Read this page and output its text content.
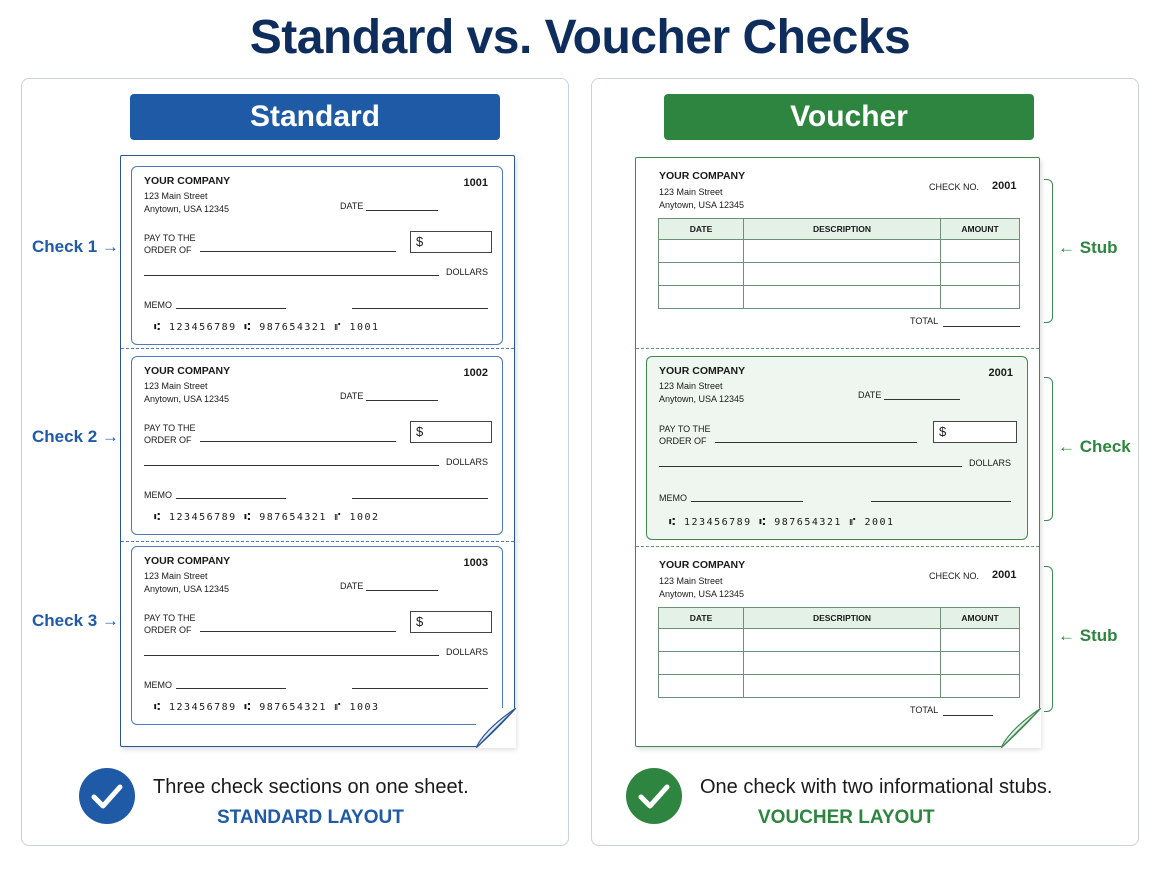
Standard vs. Voucher Checks
Standard
YOUR COMPANY
123 Main Street
Anytown, USA 12345
1001
DATE
PAY TO THE
ORDER OF
$
DOLLARS
MEMO
⑆ 123456789 ⑆ 987654321 ⑈ 1001
YOUR COMPANY
123 Main Street
Anytown, USA 12345
1002
DATE
PAY TO THE
ORDER OF
$
DOLLARS
MEMO
⑆ 123456789 ⑆ 987654321 ⑈ 1002
YOUR COMPANY
123 Main Street
Anytown, USA 12345
1003
DATE
PAY TO THE
ORDER OF
$
DOLLARS
MEMO
⑆ 123456789 ⑆ 987654321 ⑈ 1003
Check 1 →
Check 2 →
Check 3 →
Three check sections on one sheet.
STANDARD LAYOUT
Voucher
YOUR COMPANY
123 Main Street
Anytown, USA 12345
CHECK NO. 2001
DATE	DESCRIPTION	AMOUNT

TOTAL
YOUR COMPANY
123 Main Street
Anytown, USA 12345
2001
DATE
PAY TO THE
ORDER OF
$
DOLLARS
MEMO
⑆ 123456789 ⑆ 987654321 ⑈ 2001
YOUR COMPANY
123 Main Street
Anytown, USA 12345
CHECK NO. 2001
DATE	DESCRIPTION	AMOUNT

TOTAL
← Stub
← Check
← Stub
One check with two informational stubs.
VOUCHER LAYOUT
